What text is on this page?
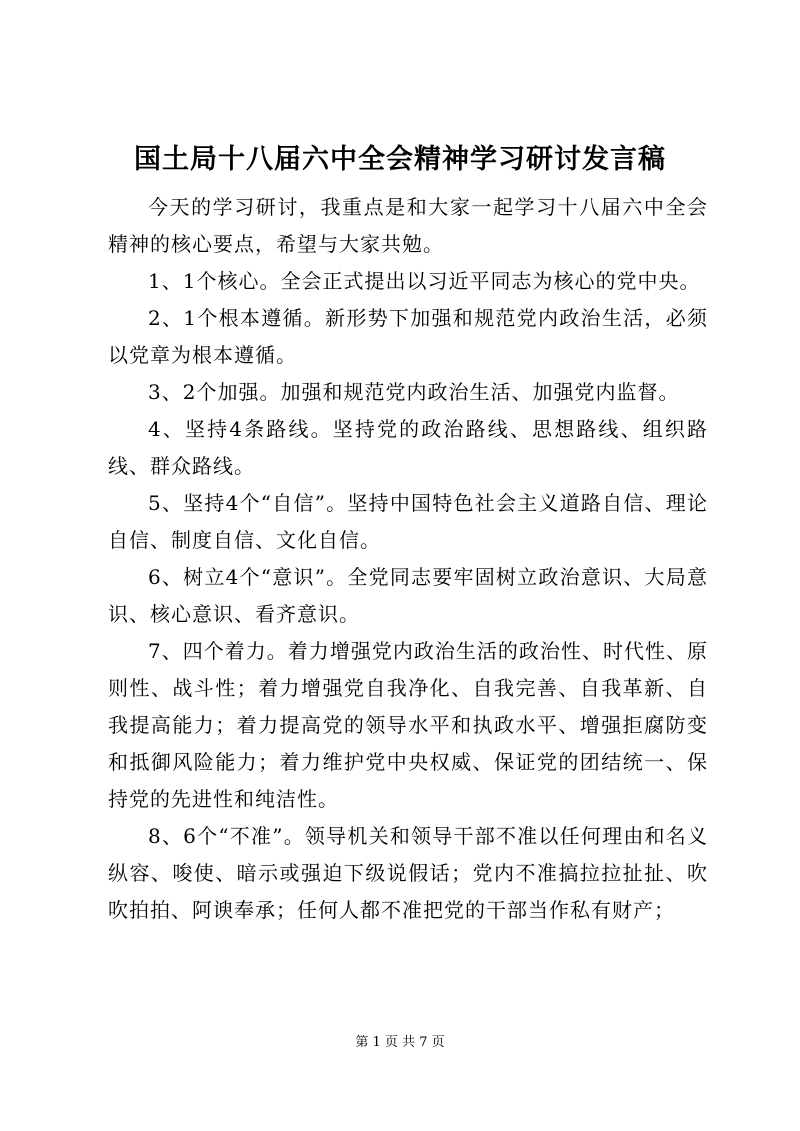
国土局十八届六中全会精神学习研讨发言稿

今天的学习研讨，我重点是和大家一起学习十八届六中全会精神的核心要点，希望与大家共勉。

1、1个核心。全会正式提出以习近平同志为核心的党中央。

2、1个根本遵循。新形势下加强和规范党内政治生活，必须以党章为根本遵循。

3、2个加强。加强和规范党内政治生活、加强党内监督。

4、坚持4条路线。坚持党的政治路线、思想路线、组织路线、群众路线。

5、坚持4个“自信”。坚持中国特色社会主义道路自信、理论自信、制度自信、文化自信。

6、树立4个“意识”。全党同志要牢固树立政治意识、大局意识、核心意识、看齐意识。

7、四个着力。着力增强党内政治生活的政治性、时代性、原则性、战斗性；着力增强党自我净化、自我完善、自我革新、自我提高能力；着力提高党的领导水平和执政水平、增强拒腐防变和抵御风险能力；着力维护党中央权威、保证党的团结统一、保持党的先进性和纯洁性。

8、6个“不准”。领导机关和领导干部不准以任何理由和名义纵容、唆使、暗示或强迫下级说假话；党内不准搞拉拉扯扯、吹吹拍拍、阿谀奉承；任何人都不准把党的干部当作私有财产；

第 1 页 共 7 页
